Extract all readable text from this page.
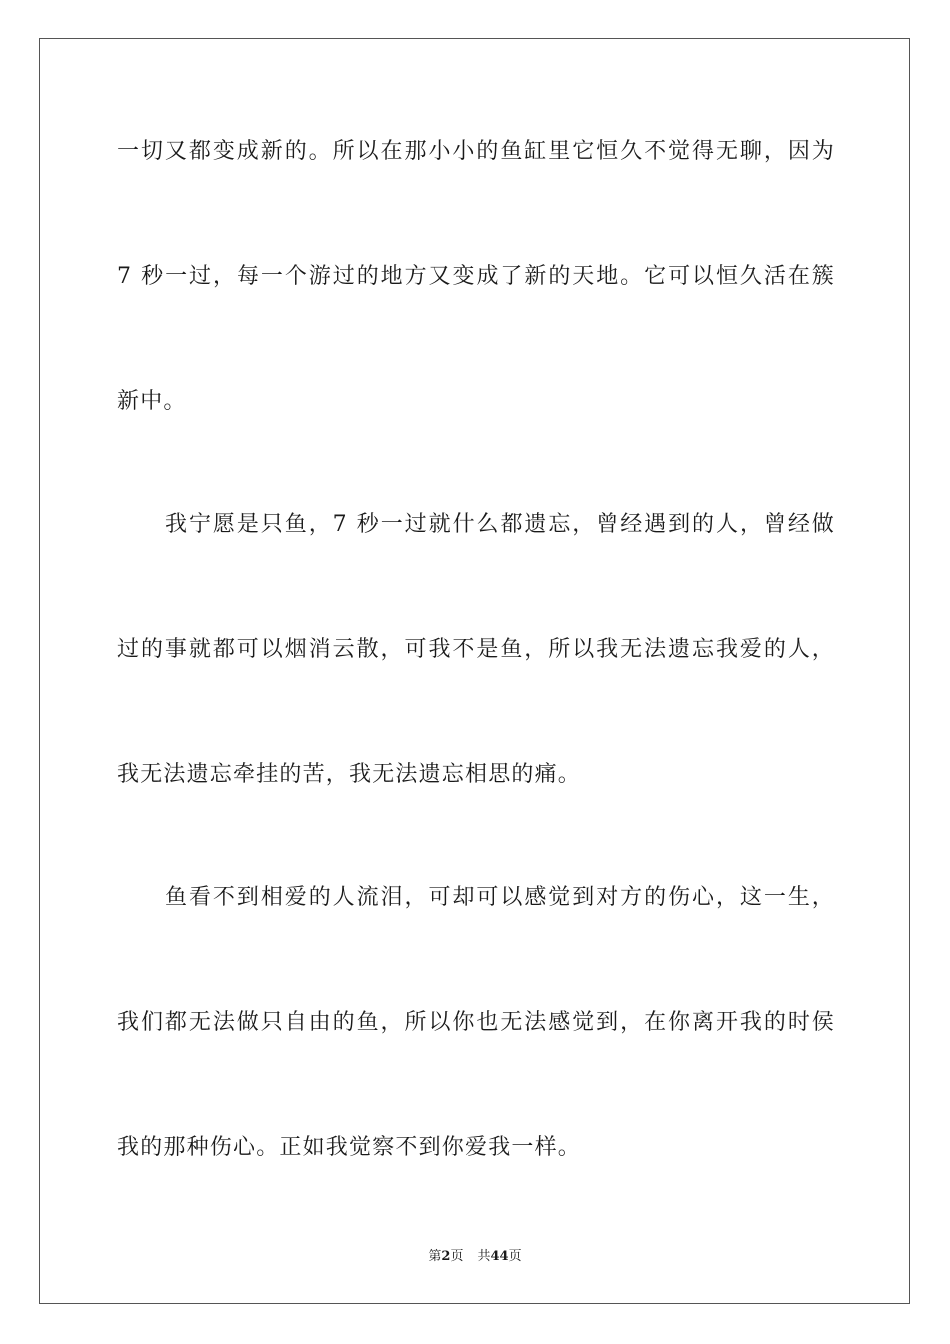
一切又都变成新的。所以在那小小的鱼缸里它恒久不觉得无聊，因为
7 秒一过，每一个游过的地方又变成了新的天地。它可以恒久活在簇
新中。
我宁愿是只鱼，7 秒一过就什么都遗忘，曾经遇到的人，曾经做
过的事就都可以烟消云散，可我不是鱼，所以我无法遗忘我爱的人，
我无法遗忘牵挂的苦，我无法遗忘相思的痛。
鱼看不到相爱的人流泪，可却可以感觉到对方的伤心，这一生，
我们都无法做只自由的鱼，所以你也无法感觉到，在你离开我的时侯
我的那种伤心。正如我觉察不到你爱我一样。
第2页 共44页
